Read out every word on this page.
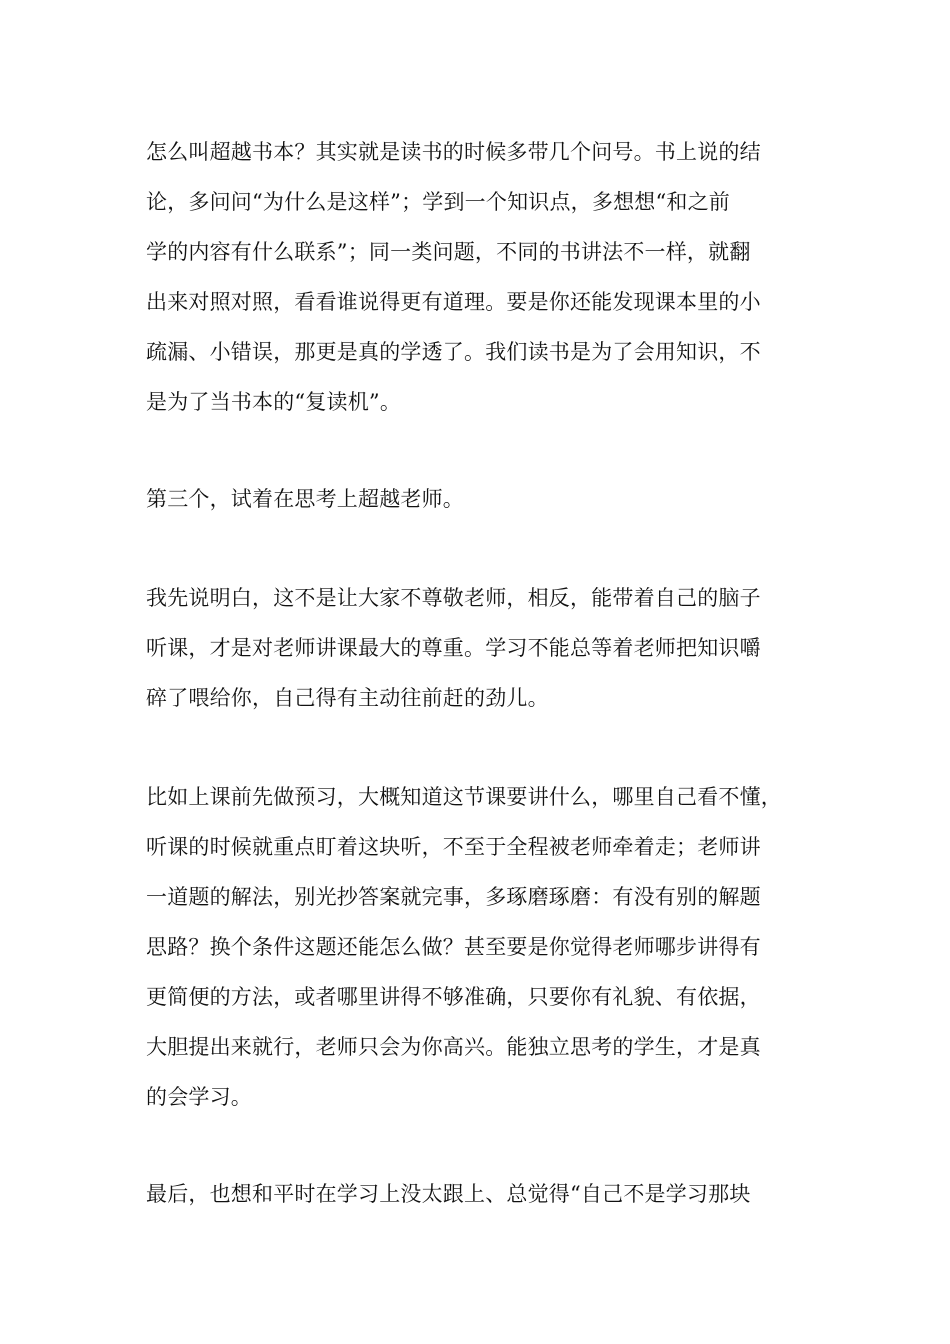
怎么叫超越书本？其实就是读书的时候多带几个问号。书上说的结
论，多问问“为什么是这样”；学到一个知识点，多想想“和之前
学的内容有什么联系”；同一类问题，不同的书讲法不一样，就翻
出来对照对照，看看谁说得更有道理。要是你还能发现课本里的小
疏漏、小错误，那更是真的学透了。我们读书是为了会用知识，不
是为了当书本的“复读机”。
第三个，试着在思考上超越老师。
我先说明白，这不是让大家不尊敬老师，相反，能带着自己的脑子
听课，才是对老师讲课最大的尊重。学习不能总等着老师把知识嚼
碎了喂给你，自己得有主动往前赶的劲儿。
比如上课前先做预习，大概知道这节课要讲什么，哪里自己看不懂，
听课的时候就重点盯着这块听，不至于全程被老师牵着走；老师讲
一道题的解法，别光抄答案就完事，多琢磨琢磨：有没有别的解题
思路？换个条件这题还能怎么做？甚至要是你觉得老师哪步讲得有
更简便的方法，或者哪里讲得不够准确，只要你有礼貌、有依据，
大胆提出来就行，老师只会为你高兴。能独立思考的学生，才是真
的会学习。
最后，也想和平时在学习上没太跟上、总觉得“自己不是学习那块
